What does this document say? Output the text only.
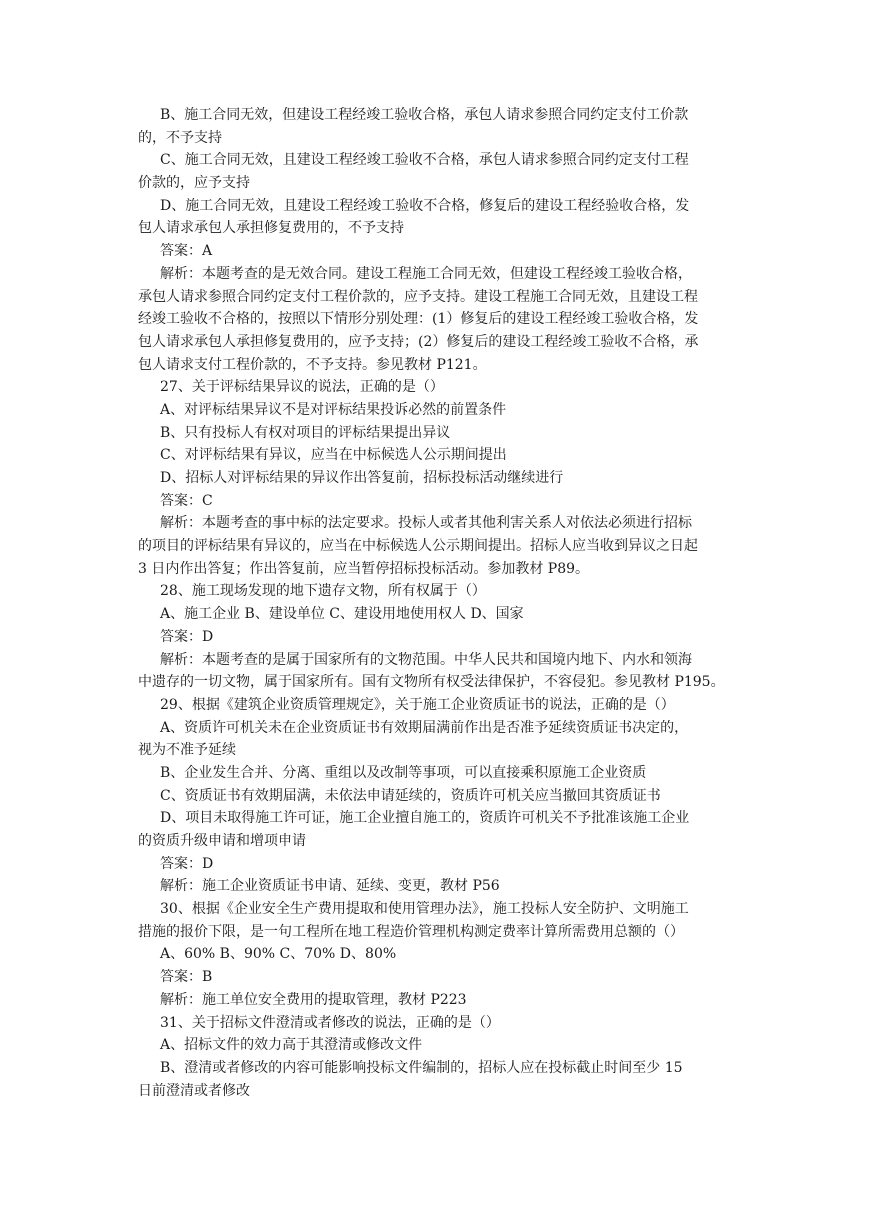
B、施工合同无效，但建设工程经竣工验收合格，承包人请求参照合同约定支付工价款
的，不予支持
C、施工合同无效，且建设工程经竣工验收不合格，承包人请求参照合同约定支付工程
价款的，应予支持
D、施工合同无效，且建设工程经竣工验收不合格，修复后的建设工程经验收合格，发
包人请求承包人承担修复费用的，不予支持
答案：A
解析：本题考查的是无效合同。建设工程施工合同无效，但建设工程经竣工验收合格，
承包人请求参照合同约定支付工程价款的，应予支持。建设工程施工合同无效，且建设工程
经竣工验收不合格的，按照以下情形分别处理：(1）修复后的建设工程经竣工验收合格，发
包人请求承包人承担修复费用的，应予支持；(2）修复后的建设工程经竣工验收不合格，承
包人请求支付工程价款的，不予支持。参见教材 P121。
27、关于评标结果异议的说法，正确的是（）
A、对评标结果异议不是对评标结果投诉必然的前置条件
B、只有投标人有权对项目的评标结果提出异议
C、对评标结果有异议，应当在中标候选人公示期间提出
D、招标人对评标结果的异议作出答复前，招标投标活动继续进行
答案：C
解析：本题考查的事中标的法定要求。投标人或者其他利害关系人对依法必须进行招标
的项目的评标结果有异议的，应当在中标候选人公示期间提出。招标人应当收到异议之日起
3 日内作出答复；作出答复前，应当暂停招标投标活动。参加教材 P89。
28、施工现场发现的地下遗存文物，所有权属于（）
A、施工企业 B、建设单位 C、建设用地使用权人 D、国家
答案：D
解析：本题考查的是属于国家所有的文物范围。中华人民共和国境内地下、内水和领海
中遗存的一切文物，属于国家所有。国有文物所有权受法律保护，不容侵犯。参见教材 P195。
29、根据《建筑企业资质管理规定》，关于施工企业资质证书的说法，正确的是（）
A、资质许可机关未在企业资质证书有效期届满前作出是否准予延续资质证书决定的，
视为不准予延续
B、企业发生合并、分离、重组以及改制等事项，可以直接乘积原施工企业资质
C、资质证书有效期届满，未依法申请延续的，资质许可机关应当撤回其资质证书
D、项目未取得施工许可证，施工企业擅自施工的，资质许可机关不予批准该施工企业
的资质升级申请和增项申请
答案：D
解析：施工企业资质证书申请、延续、变更，教材 P56
30、根据《企业安全生产费用提取和使用管理办法》，施工投标人安全防护、文明施工
措施的报价下限，是一句工程所在地工程造价管理机构测定费率计算所需费用总额的（）
A、60% B、90% C、70% D、80%
答案：B
解析：施工单位安全费用的提取管理，教材 P223
31、关于招标文件澄清或者修改的说法，正确的是（）
A、招标文件的效力高于其澄清或修改文件
B、澄清或者修改的内容可能影响投标文件编制的，招标人应在投标截止时间至少 15
日前澄清或者修改
